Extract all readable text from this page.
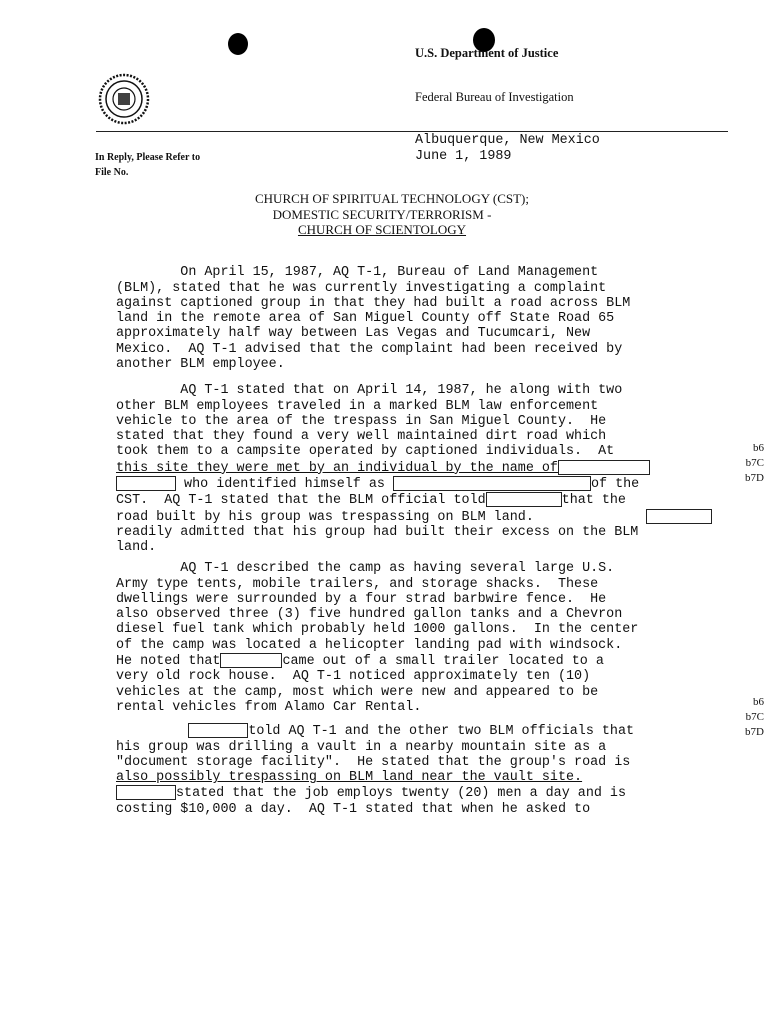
U.S. Department of Justice
Federal Bureau of Investigation
Albuquerque, New Mexico
June 1, 1989
In Reply, Please Refer to
File No.
CHURCH OF SPIRITUAL TECHNOLOGY (CST);
DOMESTIC SECURITY/TERRORISM -
CHURCH OF SCIENTOLOGY

On April 15, 1987, AQ T-1, Bureau of Land Management
(BLM), stated that he was currently investigating a complaint
against captioned group in that they had built a road across BLM
land in the remote area of San Miguel County off State Road 65
approximately half way between Las Vegas and Tucumcari, New
Mexico.  AQ T-1 advised that the complaint had been received by
another BLM employee.

AQ T-1 stated that on April 14, 1987, he along with two
other BLM employees traveled in a marked BLM law enforcement
vehicle to the area of the trespass in San Miguel County.  He
stated that they found a very well maintained dirt road which
took them to a campsite operated by captioned individuals.  At
this site they were met by an individual by the name of
who identified himself as	of the
CST.  AQ T-1 stated that the BLM official told	that the
road built by his group was trespassing on BLM land.
readily admitted that his group had built their excess on the BLM
land.

b6
b7C
b7D

AQ T-1 described the camp as having several large U.S.
Army type tents, mobile trailers, and storage shacks.  These
dwellings were surrounded by a four strad barbwire fence.  He
also observed three (3) five hundred gallon tanks and a Chevron
diesel fuel tank which probably held 1000 gallons.  In the center
of the camp was located a helicopter landing pad with windsock.
He noted that	came out of a small trailer located to a
very old rock house.  AQ T-1 noticed approximately ten (10)
vehicles at the camp, most which were new and appeared to be
rental vehicles from Alamo Car Rental.

told AQ T-1 and the other two BLM officials that
his group was drilling a vault in a nearby mountain site as a
"document storage facility".  He stated that the group's road is
also possibly trespassing on BLM land near the vault site.
stated that the job employs twenty (20) men a day and is
costing $10,000 a day.  AQ T-1 stated that when he asked to

b6
b7C
b7D
